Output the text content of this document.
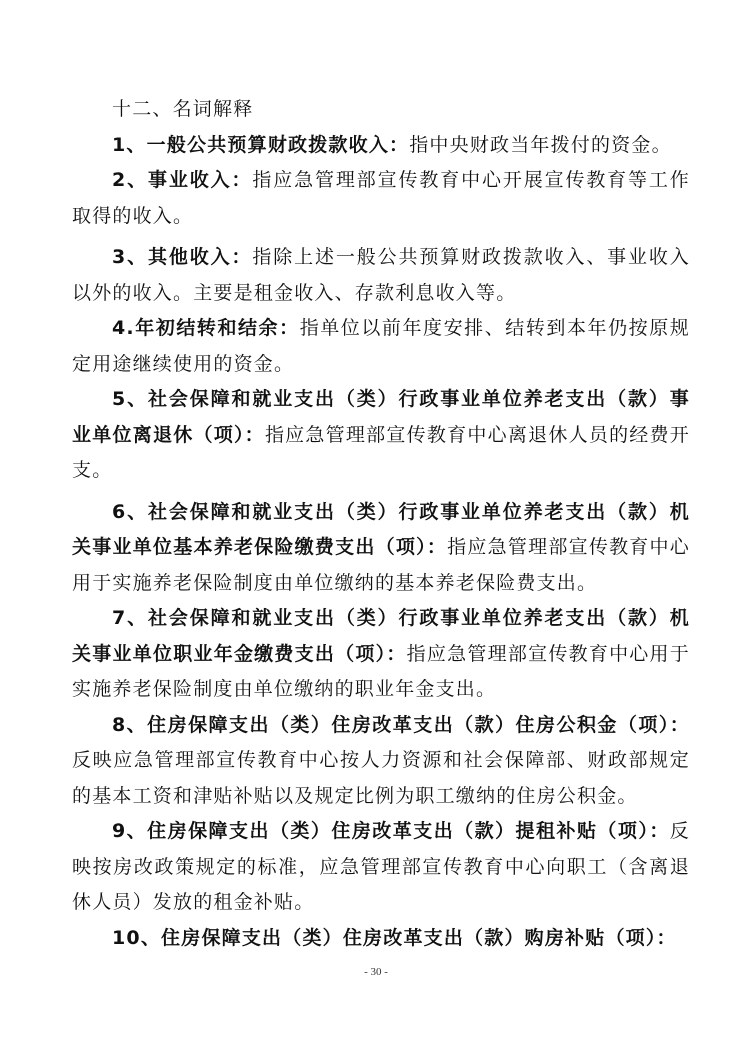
十二、名词解释

1、一般公共预算财政拨款收入：指中央财政当年拨付的资金。

2、事业收入：指应急管理部宣传教育中心开展宣传教育等工作取得的收入。

3、其他收入：指除上述一般公共预算财政拨款收入、事业收入以外的收入。主要是租金收入、存款利息收入等。

4.年初结转和结余：指单位以前年度安排、结转到本年仍按原规定用途继续使用的资金。

5、社会保障和就业支出（类）行政事业单位养老支出（款）事业单位离退休（项）：指应急管理部宣传教育中心离退休人员的经费开支。

6、社会保障和就业支出（类）行政事业单位养老支出（款）机关事业单位基本养老保险缴费支出（项）：指应急管理部宣传教育中心用于实施养老保险制度由单位缴纳的基本养老保险费支出。

7、社会保障和就业支出（类）行政事业单位养老支出（款）机关事业单位职业年金缴费支出（项）：指应急管理部宣传教育中心用于实施养老保险制度由单位缴纳的职业年金支出。

8、住房保障支出（类）住房改革支出（款）住房公积金（项）：反映应急管理部宣传教育中心按人力资源和社会保障部、财政部规定的基本工资和津贴补贴以及规定比例为职工缴纳的住房公积金。

9、住房保障支出（类）住房改革支出（款）提租补贴（项）：反映按房改政策规定的标准，应急管理部宣传教育中心向职工（含离退休人员）发放的租金补贴。

10、住房保障支出（类）住房改革支出（款）购房补贴（项）：

- 30 -
